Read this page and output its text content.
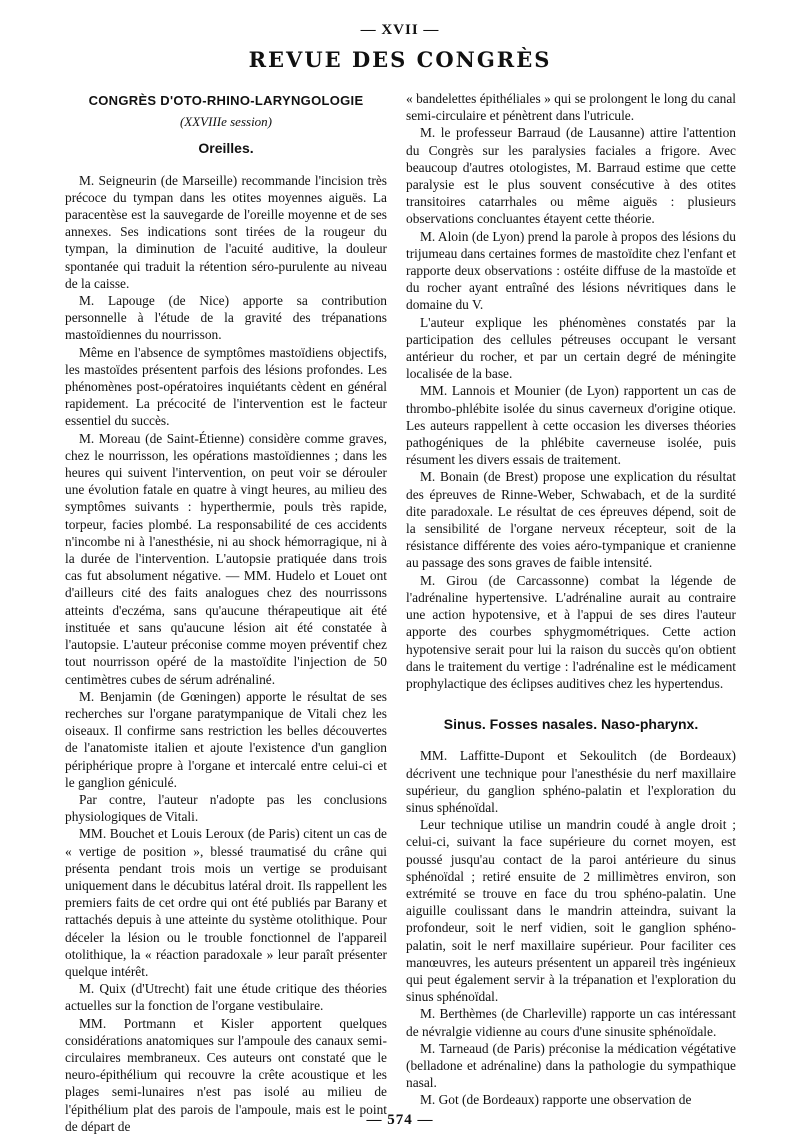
— XVII —
REVUE DES CONGRÈS
CONGRÈS D'OTO-RHINO-LARYNGOLOGIE
(XXVIIIe session)
Oreilles.

M. Seigneurin (de Marseille) recommande l'incision très précoce du tympan dans les otites moyennes aiguës. La paracentèse est la sauvegarde de l'oreille moyenne et de ses annexes. Ses indications sont tirées de la rougeur du tympan, la diminution de l'acuité auditive, la douleur spontanée qui traduit la rétention séro-purulente au niveau de la caisse.

M. Lapouge (de Nice) apporte sa contribution personnelle à l'étude de la gravité des trépanations mastoïdiennes du nourrisson.

Même en l'absence de symptômes mastoïdiens objectifs, les mastoïdes présentent parfois des lésions profondes. Les phénomènes post-opératoires inquiétants cèdent en général rapidement. La précocité de l'intervention est le facteur essentiel du succès.

M. Moreau (de Saint-Étienne) considère comme graves, chez le nourrisson, les opérations mastoïdiennes ; dans les heures qui suivent l'intervention, on peut voir se dérouler une évolution fatale en quatre à vingt heures, au milieu des symptômes suivants : hyperthermie, pouls très rapide, torpeur, facies plombé. La responsabilité de ces accidents n'incombe ni à l'anesthésie, ni au shock hémorragique, ni à la durée de l'intervention. L'autopsie pratiquée dans trois cas fut absolument négative. — MM. Hudelo et Louet ont d'ailleurs cité des faits analogues chez des nourrissons atteints d'eczéma, sans qu'aucune thérapeutique ait été instituée et sans qu'aucune lésion ait été constatée à l'autopsie. L'auteur préconise comme moyen préventif chez tout nourrisson opéré de la mastoïdite l'injection de 50 centimètres cubes de sérum adrénaliné.

M. Benjamin (de Gœningen) apporte le résultat de ses recherches sur l'organe paratympanique de Vitali chez les oiseaux. Il confirme sans restriction les belles découvertes de l'anatomiste italien et ajoute l'existence d'un ganglion périphérique propre à l'organe et intercalé entre celui-ci et le ganglion géniculé.

Par contre, l'auteur n'adopte pas les conclusions physiologiques de Vitali.

MM. Bouchet et Louis Leroux (de Paris) citent un cas de « vertige de position », blessé traumatisé du crâne qui présenta pendant trois mois un vertige se produisant uniquement dans le décubitus latéral droit. Ils rappellent les premiers faits de cet ordre qui ont été publiés par Barany et rattachés depuis à une atteinte du système otolithique. Pour déceler la lésion ou le trouble fonctionnel de l'appareil otolithique, la « réaction paradoxale » leur paraît présenter quelque intérêt.

M. Quix (d'Utrecht) fait une étude critique des théories actuelles sur la fonction de l'organe vestibulaire.

MM. Portmann et Kisler apportent quelques considérations anatomiques sur l'ampoule des canaux semi-circulaires membraneux. Ces auteurs ont constaté que le neuro-épithélium qui recouvre la crête acoustique et les plages semi-lunaires n'est pas isolé au milieu de l'épithélium plat des parois de l'ampoule, mais est le point de départ de

« bandelettes épithéliales » qui se prolongent le long du canal semi-circulaire et pénètrent dans l'utricule.

M. le professeur Barraud (de Lausanne) attire l'attention du Congrès sur les paralysies faciales a frigore. Avec beaucoup d'autres otologistes, M. Barraud estime que cette paralysie est le plus souvent consécutive à des otites transitoires catarrhales ou même aiguës : plusieurs observations concluantes étayent cette théorie.

M. Aloin (de Lyon) prend la parole à propos des lésions du trijumeau dans certaines formes de mastoïdite chez l'enfant et rapporte deux observations : ostéite diffuse de la mastoïde et du rocher ayant entraîné des lésions névritiques dans le domaine du V.

L'auteur explique les phénomènes constatés par la participation des cellules pétreuses occupant le versant antérieur du rocher, et par un certain degré de méningite localisée de la base.

MM. Lannois et Mounier (de Lyon) rapportent un cas de thrombo-phlébite isolée du sinus caverneux d'origine otique. Les auteurs rappellent à cette occasion les diverses théories pathogéniques de la phlébite caverneuse isolée, puis résument les divers essais de traitement.

M. Bonain (de Brest) propose une explication du résultat des épreuves de Rinne-Weber, Schwabach, et de la surdité dite paradoxale. Le résultat de ces épreuves dépend, soit de la sensibilité de l'organe nerveux récepteur, soit de la résistance différente des voies aéro-tympanique et cranienne au passage des sons graves de faible intensité.

M. Girou (de Carcassonne) combat la légende de l'adrénaline hypertensive. L'adrénaline aurait au contraire une action hypotensive, et à l'appui de ses dires l'auteur apporte des courbes sphygmométriques. Cette action hypotensive serait pour lui la raison du succès qu'on obtient dans le traitement du vertige : l'adrénaline est le médicament prophylactique des éclipses auditives chez les hypertendus.

Sinus. Fosses nasales. Naso-pharynx.

MM. Laffitte-Dupont et Sekoulitch (de Bordeaux) décrivent une technique pour l'anesthésie du nerf maxillaire supérieur, du ganglion sphéno-palatin et l'exploration du sinus sphénoïdal.

Leur technique utilise un mandrin coudé à angle droit ; celui-ci, suivant la face supérieure du cornet moyen, est poussé jusqu'au contact de la paroi antérieure du sinus sphénoïdal ; retiré ensuite de 2 millimètres environ, son extrémité se trouve en face du trou sphéno-palatin. Une aiguille coulissant dans le mandrin atteindra, suivant la profondeur, soit le nerf vidien, soit le ganglion sphéno-palatin, soit le nerf maxillaire supérieur. Pour faciliter ces manœuvres, les auteurs présentent un appareil très ingénieux qui peut également servir à la trépanation et l'exploration du sinus sphénoïdal.

M. Berthèmes (de Charleville) rapporte un cas intéressant de névralgie vidienne au cours d'une sinusite sphénoïdale.

M. Tarneaud (de Paris) préconise la médication végétative (belladone et adrénaline) dans la pathologie du sympathique nasal.

M. Got (de Bordeaux) rapporte une observation de

— 574 —
